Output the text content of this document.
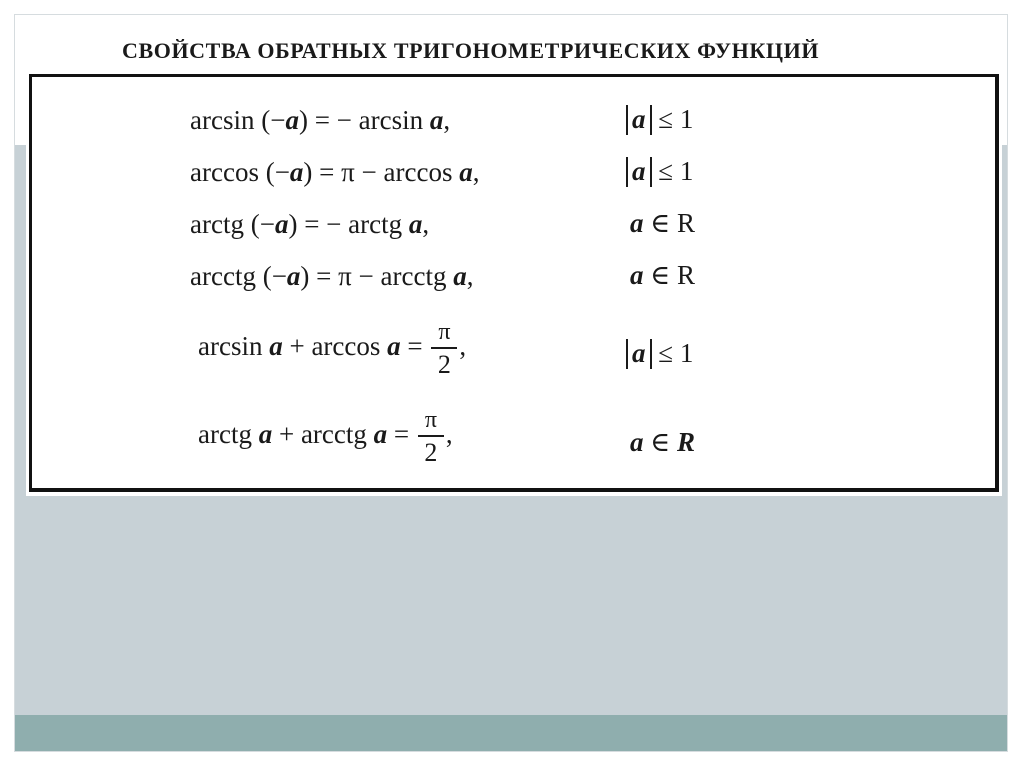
СВОЙСТВА ОБРАТНЫХ ТРИГОНОМЕТРИЧЕСКИХ ФУНКЦИЙ
arcsin (−a) = − arcsin a,	a ≤ 1
arccos (−a) = π − arccos a,	a ≤ 1
arctg (−a) = − arctg a,	a ∈ R
arcctg (−a) = π − arcctg a,	a ∈ R
$\arcsin a + \arccos a = \frac{\pi}{2}$ ,	a ≤ 1
arctg a + arcctg $a = \frac{\pi}{2}$ ,	a ∈ R
